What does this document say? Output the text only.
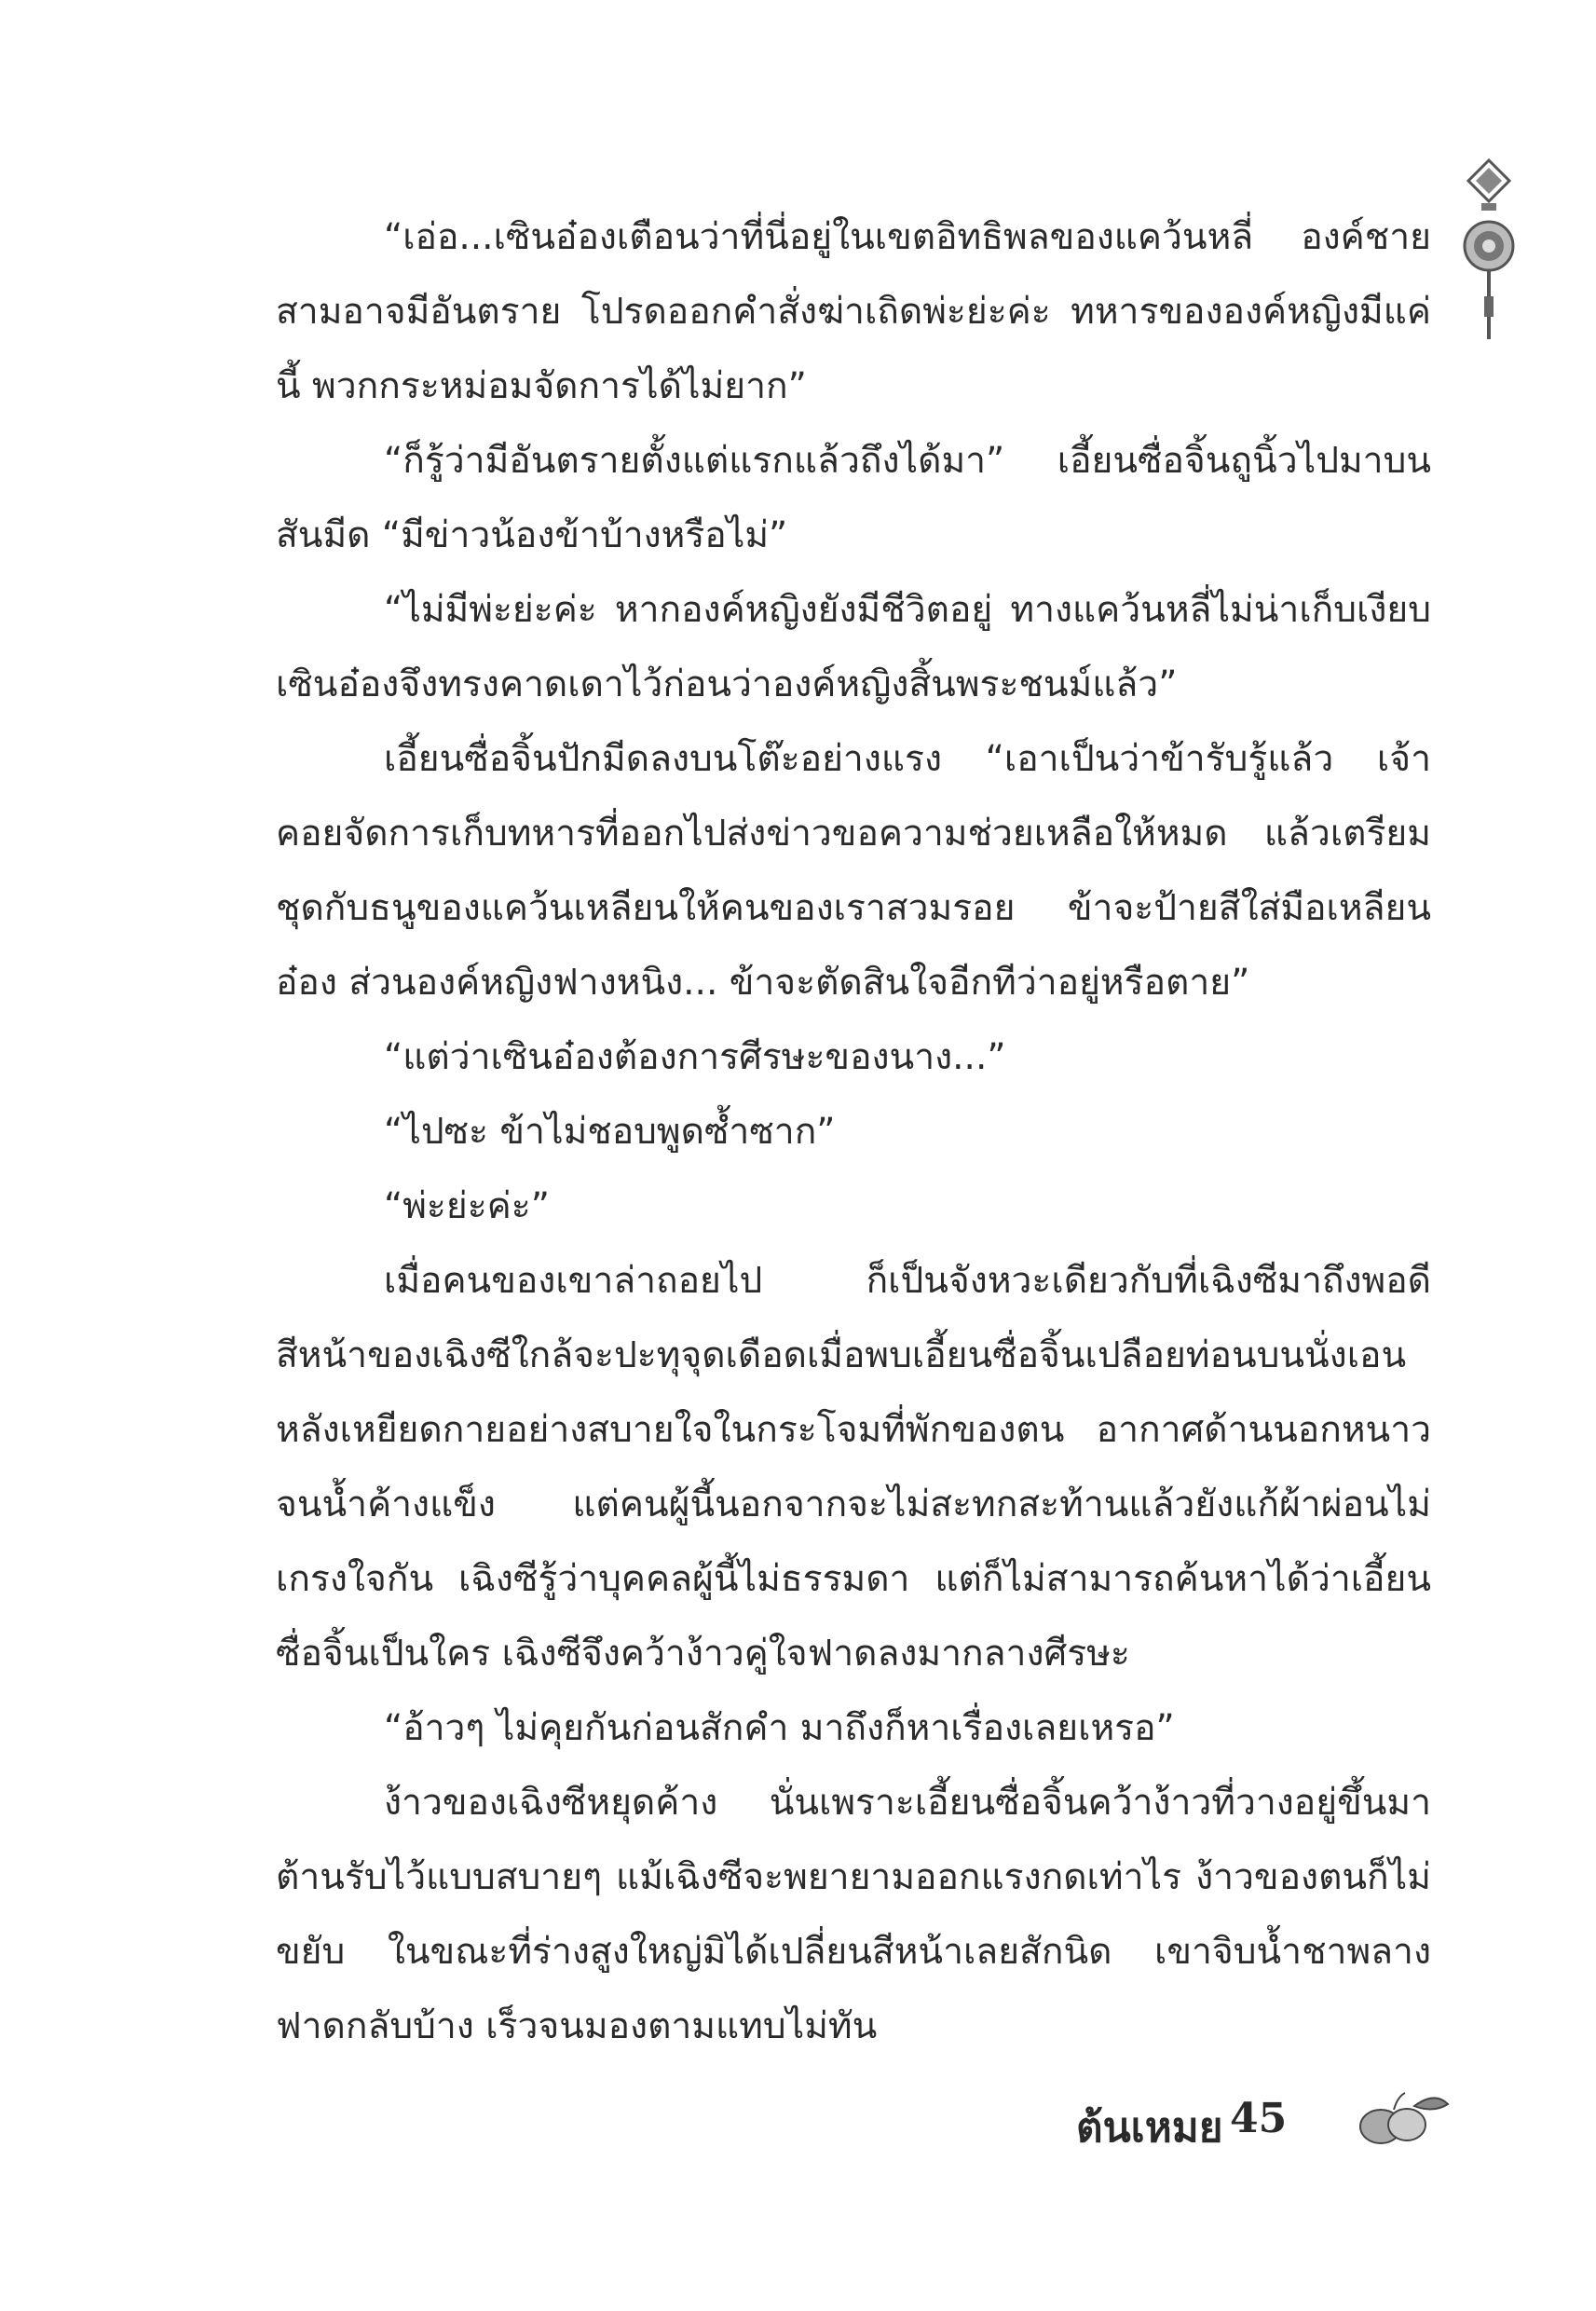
“เอ่อ...เซินอ๋องเตือนว่าที่นี่อยู่ในเขตอิทธิพลของแคว้นหลี่ องค์ชายสามอาจมีอันตราย โปรดออกคำสั่งฆ่าเถิดพ่ะย่ะค่ะ ทหารขององค์หญิงมีแค่นี้ พวกกระหม่อมจัดการได้ไม่ยาก”

“ก็รู้ว่ามีอันตรายตั้งแต่แรกแล้วถึงได้มา” เอี้ยนซื่อจิ้นถูนิ้วไปมาบนสันมีด “มีข่าวน้องข้าบ้างหรือไม่”

“ไม่มีพ่ะย่ะค่ะ หากองค์หญิงยังมีชีวิตอยู่ ทางแคว้นหลี่ไม่น่าเก็บเงียบ เซินอ๋องจึงทรงคาดเดาไว้ก่อนว่าองค์หญิงสิ้นพระชนม์แล้ว”

เอี้ยนซื่อจิ้นปักมีดลงบนโต๊ะอย่างแรง “เอาเป็นว่าข้ารับรู้แล้ว เจ้าคอยจัดการเก็บทหารที่ออกไปส่งข่าวขอความช่วยเหลือให้หมด แล้วเตรียมชุดกับธนูของแคว้นเหลียนให้คนของเราสวมรอย ข้าจะป้ายสีใส่มือเหลียนอ๋อง ส่วนองค์หญิงฟางหนิง... ข้าจะตัดสินใจอีกทีว่าอยู่หรือตาย”

“แต่ว่าเซินอ๋องต้องการศีรษะของนาง...”

“ไปซะ ข้าไม่ชอบพูดซ้ำซาก”

“พ่ะย่ะค่ะ”

เมื่อคนของเขาล่าถอยไป ก็เป็นจังหวะเดียวกับที่เฉิงซีมาถึงพอดี สีหน้าของเฉิงซีใกล้จะปะทุจุดเดือดเมื่อพบเอี้ยนซื่อจิ้นเปลือยท่อนบนนั่งเอนหลังเหยียดกายอย่างสบายใจในกระโจมที่พักของตน อากาศด้านนอกหนาวจนน้ำค้างแข็ง แต่คนผู้นี้นอกจากจะไม่สะทกสะท้านแล้วยังแก้ผ้าผ่อนไม่เกรงใจกัน เฉิงซีรู้ว่าบุคคลผู้นี้ไม่ธรรมดา แต่ก็ไม่สามารถค้นหาได้ว่าเอี้ยนซื่อจิ้นเป็นใคร เฉิงซีจึงคว้าง้าวคู่ใจฟาดลงมากลางศีรษะ

“อ้าวๆ ไม่คุยกันก่อนสักคำ มาถึงก็หาเรื่องเลยเหรอ”

ง้าวของเฉิงซีหยุดค้าง นั่นเพราะเอี้ยนซื่อจิ้นคว้าง้าวที่วางอยู่ขึ้นมาต้านรับไว้แบบสบายๆ แม้เฉิงซีจะพยายามออกแรงกดเท่าไร ง้าวของตนก็ไม่ขยับ ในขณะที่ร่างสูงใหญ่มิได้เปลี่ยนสีหน้าเลยสักนิด เขาจิบน้ำชาพลางฟาดกลับบ้าง เร็วจนมองตามแทบไม่ทัน

ต้นเหมย 45
